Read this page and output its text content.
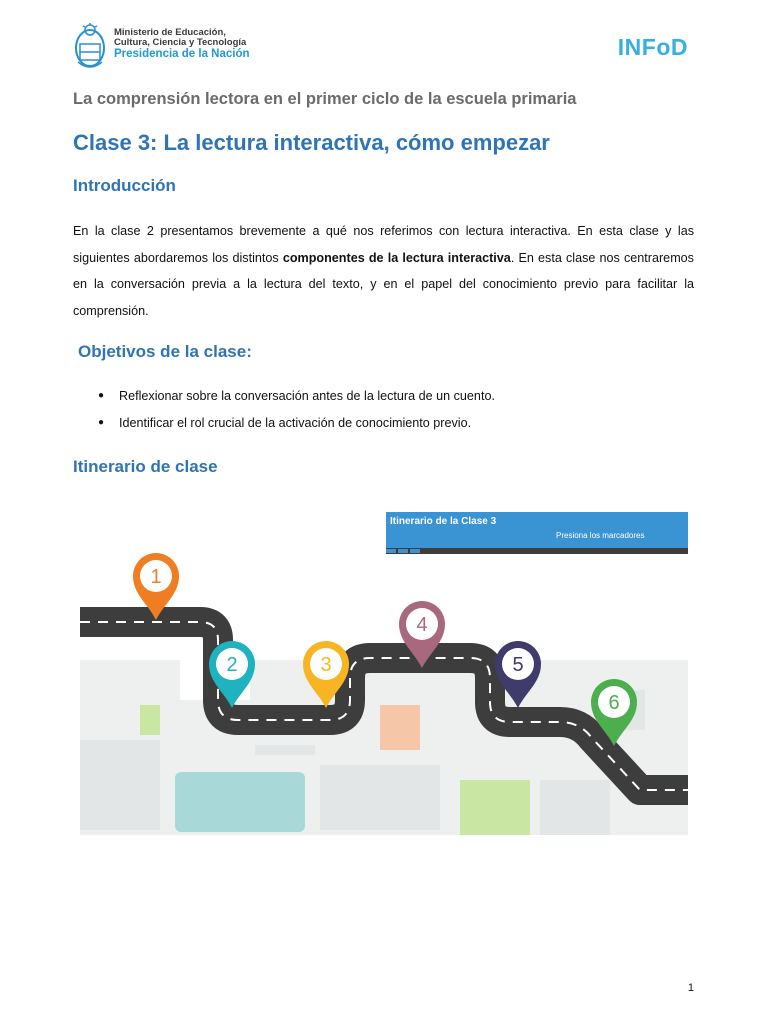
Ministerio de Educación,
Cultura, Ciencia y Tecnología
Presidencia de la Nación	INFoD
La comprensión lectora en el primer ciclo de la escuela primaria
Clase 3: La lectura interactiva, cómo empezar
Introducción
En la clase 2 presentamos brevemente a qué nos referimos con lectura interactiva. En esta clase y las siguientes abordaremos los distintos componentes de la lectura interactiva. En esta clase nos centraremos en la conversación previa a la lectura del texto, y en el papel del conocimiento previo para facilitar la comprensión.
Objetivos de la clase:
● Reflexionar sobre la conversación antes de la lectura de un cuento.
● Identificar el rol crucial de la activación de conocimiento previo.
Itinerario de clase
Itinerario de la Clase 3
Presiona los marcadores
1
2	3
4
5
6
1
